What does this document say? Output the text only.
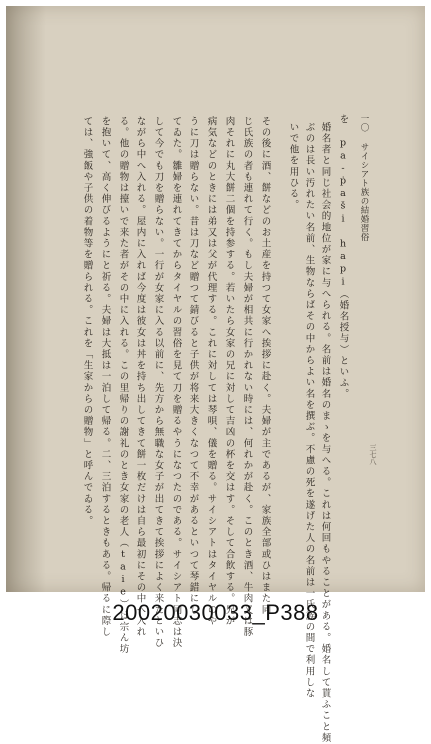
一〇 サイシアト族の結婚習俗
を pa-ṗaši hapi（婚名授与）といふ。
婚名者と同じ社会的地位が家に与へられる。名前は婚名のまゝを与へる。これは何回もやることがある。婚名して貰ふこと頻
ぶのは長い汚れたい名前、生物ならばその中からよい名を撰ぶ。不慮の死を遂げた人の名前は一氏族の間で利用しな
いで他を用ひる。
その後に酒、餅などのお土産を持つて女家へ挨拶に赴く。夫婦が主であるが、家族全部或ひはまた同
じ氏族の者も連れて行く。もし夫婦が相共に行かれない時には、何れかが赴く。このとき酒、牛肉又は豚
肉それに丸大餅二個を持参する。若いたら女家の兄に対して吉凶の杯を交はす。そして合飲する。兄が
病気などのときには弟又は父が代理する。これに対しては琴唄、儀を贈る。サイシアトはタイヤルのや
うに刀は贈らない。昔は刀など贈つて錆びると子供が将来大きくなつて不幸があるといつて琴錯にし
てゐた。雛婦を連れてきてからタイヤルの習俗を見て刀を贈るやうになつたのである。サイシアト同志は決
して今でも刀を贈らない。一行が女家に入る以前に、先方から無職な女子が出てきて挨拶によく来たといひ
ながら中へ入れる。屋内に入れば今度は彼女は丼を持ち出してきて餅一枚だけは自ら最初にその中へ入れ
る。他の贈物は擡いで来た者がその中に入れる。この里帰りの謝礼のとき女家の老人（taie）は宗ん坊
を抱いて、高く伸びるようにと祈る。夫婦は大抵は一泊して帰る。二、三泊するときもある。帰るに際し
ては、強飯や子供の着物等を贈られる。これを「生家からの贈物」と呼んでゐる。	三七八
20020030033_P388
